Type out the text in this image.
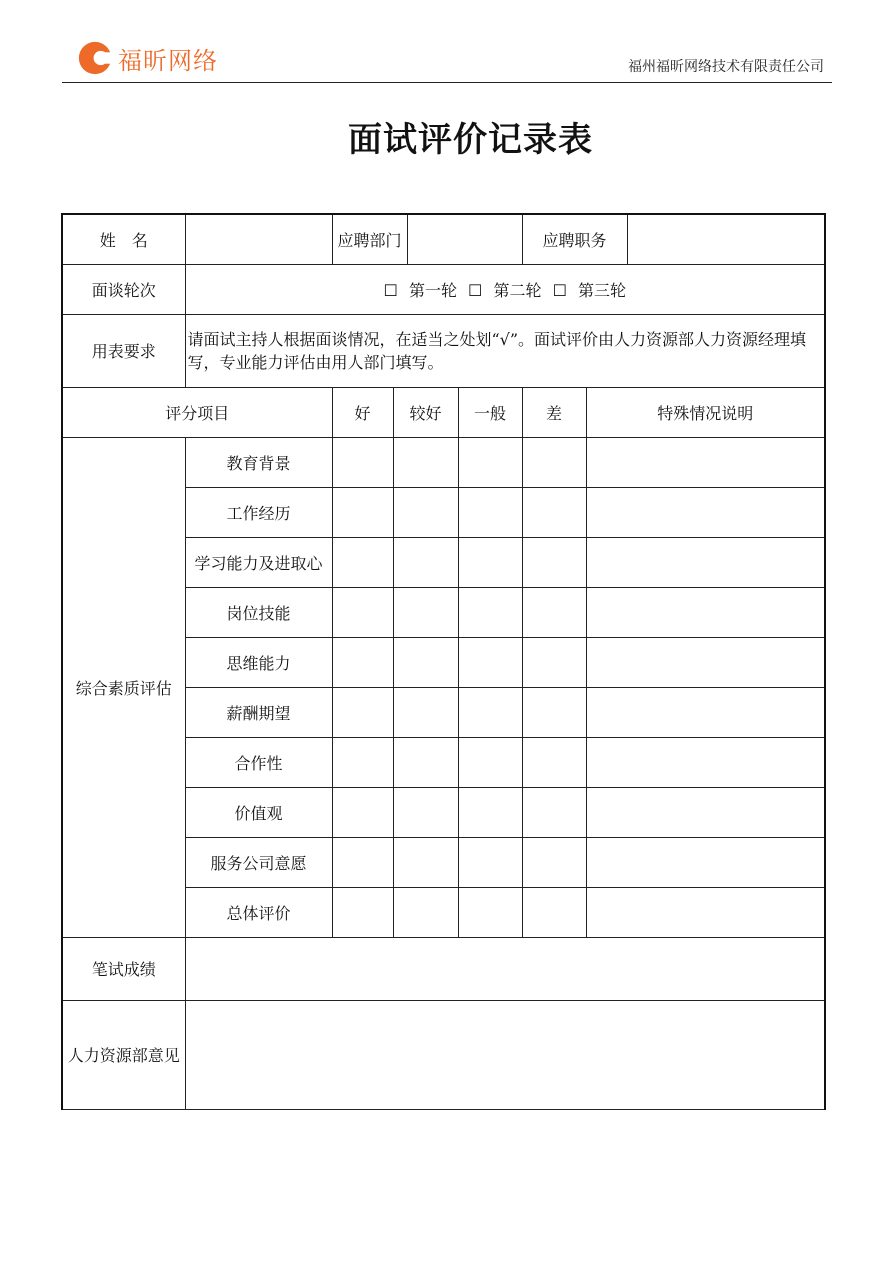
福昕网络	福州福昕网络技术有限责任公司
面试评价记录表
姓　名		应聘部门				应聘职务		
面谈轮次	☐ 第一轮 ☐ 第二轮 ☐ 第三轮							
用表要求	请面试主持人根据面谈情况，在适当之处划“√”。面试评价由人力资源部人力资源经理填写，专业能力评估由用人部门填写。							
评分项目		好	较好		一般	差	特殊情况说明	
综合素质评估	教育背景							
	工作经历							
	学习能力及进取心							
	岗位技能							
	思维能力							
	薪酬期望							
	合作性							
	价值观							
	服务公司意愿							
	总体评价							
笔试成绩								
人力资源部意见								
